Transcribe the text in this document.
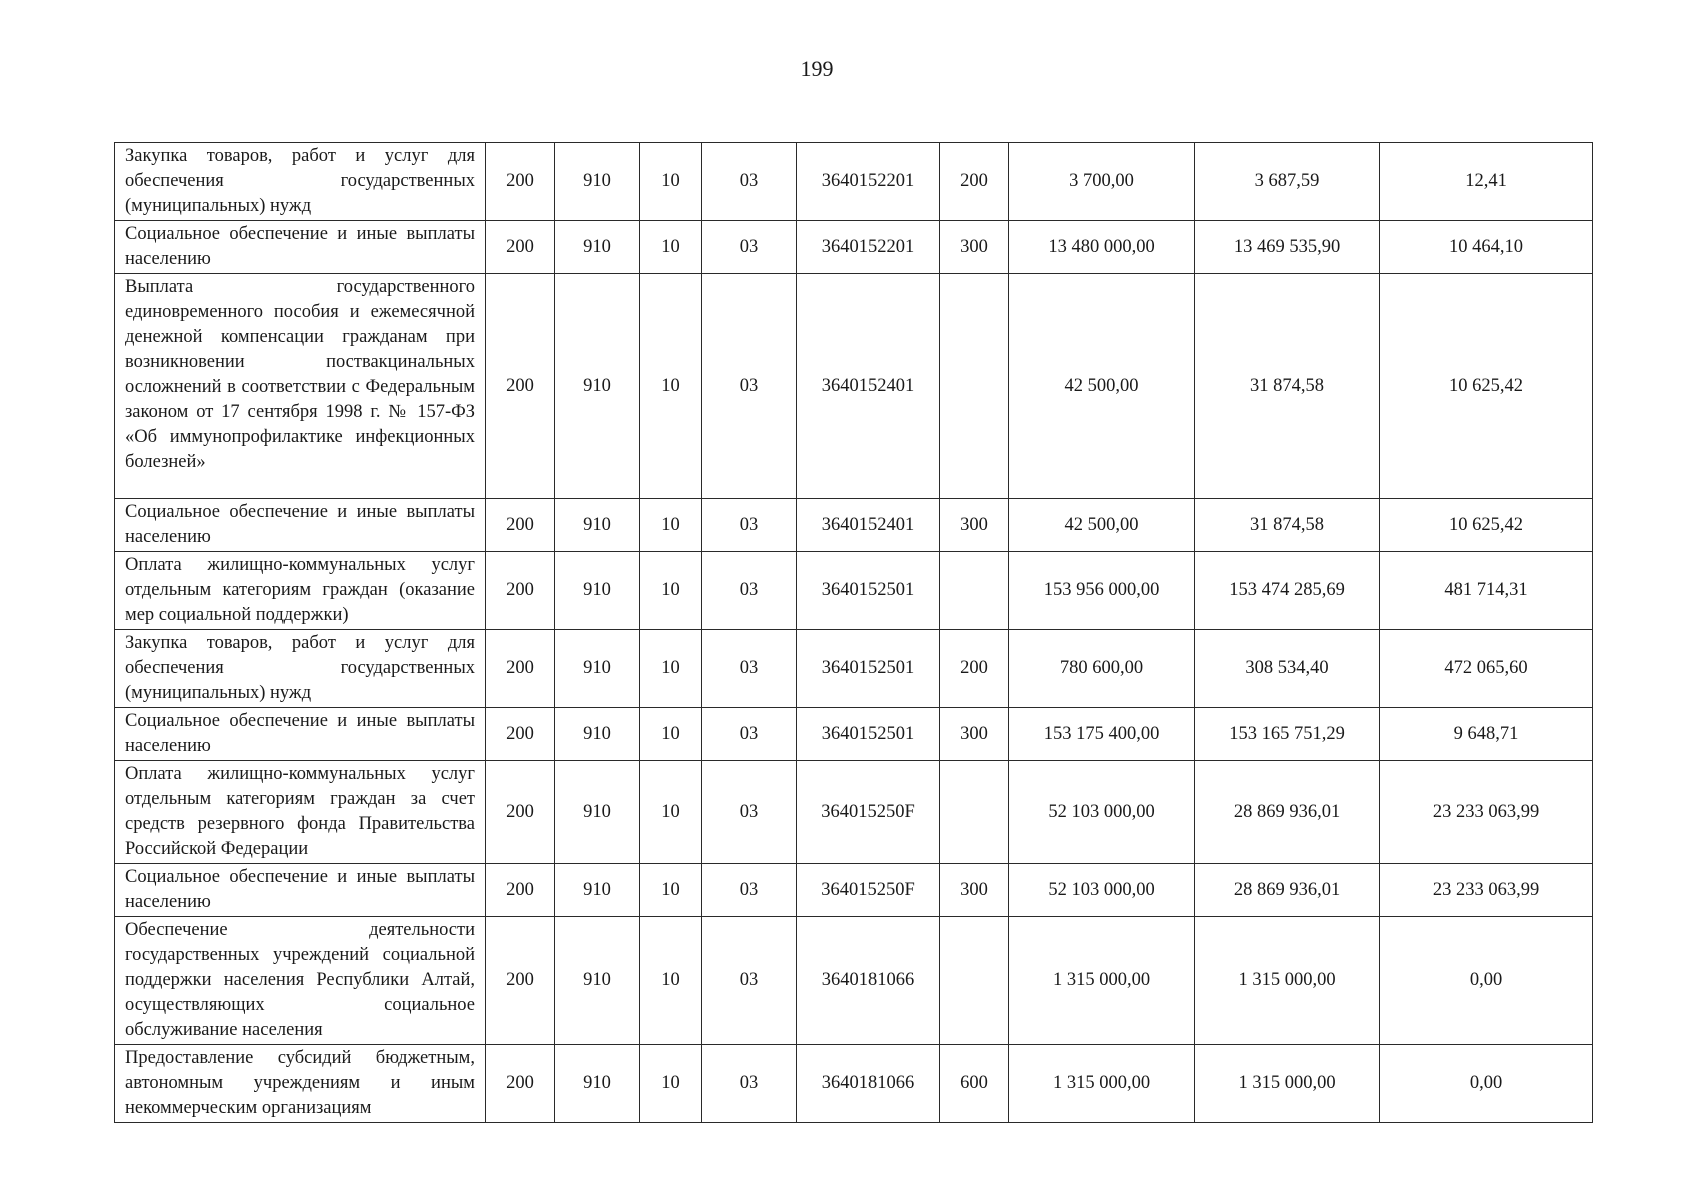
199
Закупка товаров, работ и услуг для обеспечения государственных (муниципальных) нужд	200	910	10	03	3640152201	200	3 700,00	3 687,59	12,41
Социальное обеспечение и иные выплаты населению	200	910	10	03	3640152201	300	13 480 000,00	13 469 535,90	10 464,10
Выплата государственного единовременного пособия и ежемесячной денежной компенсации гражданам при возникновении поствакцинальных осложнений в соответствии с Федеральным законом от 17 сентября 1998 г. № 157-ФЗ «Об иммунопрофилактике инфекционных болезней»	200	910	10	03	3640152401		42 500,00	31 874,58	10 625,42
Социальное обеспечение и иные выплаты населению	200	910	10	03	3640152401	300	42 500,00	31 874,58	10 625,42
Оплата жилищно-коммунальных услуг отдельным категориям граждан (оказание мер социальной поддержки)	200	910	10	03	3640152501		153 956 000,00	153 474 285,69	481 714,31
Закупка товаров, работ и услуг для обеспечения государственных (муниципальных) нужд	200	910	10	03	3640152501	200	780 600,00	308 534,40	472 065,60
Социальное обеспечение и иные выплаты населению	200	910	10	03	3640152501	300	153 175 400,00	153 165 751,29	9 648,71
Оплата жилищно-коммунальных услуг отдельным категориям граждан за счет средств резервного фонда Правительства Российской Федерации	200	910	10	03	364015250F		52 103 000,00	28 869 936,01	23 233 063,99
Социальное обеспечение и иные выплаты населению	200	910	10	03	364015250F	300	52 103 000,00	28 869 936,01	23 233 063,99
Обеспечение деятельности государственных учреждений социальной поддержки населения Республики Алтай, осуществляющих социальное обслуживание населения	200	910	10	03	3640181066		1 315 000,00	1 315 000,00	0,00
Предоставление субсидий бюджетным, автономным учреждениям и иным некоммерческим организациям	200	910	10	03	3640181066	600	1 315 000,00	1 315 000,00	0,00
